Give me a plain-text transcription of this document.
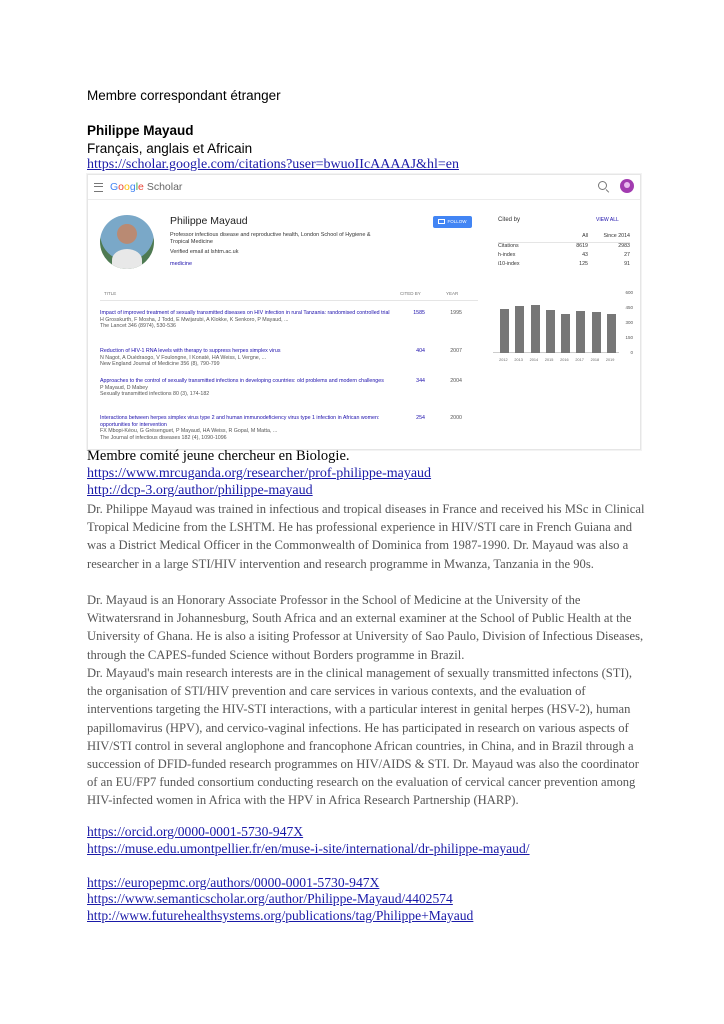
Membre correspondant étranger
Philippe Mayaud
Français, anglais et Africain
https://scholar.google.com/citations?user=bwuoIIcAAAAJ&hl=en
Google Scholar
Philippe Mayaud
Professor infectious disease and reproductive health, London School of Hygiene & Tropical Medicine
Verified email at lshtm.ac.uk
medicine
FOLLOW	Cited by	VIEW ALL
All	Since 2014
Citations	8619	2983
h-index	43	27
i10-index	125	91
2012 2013 2014 2015 2016 2017 2018 2019
0
150
300
450
600
TITLE	CITED BY	YEAR
Impact of improved treatment of sexually transmitted diseases on HIV infection in rural Tanzania: randomised controlled trial
H Grosskurth, F Mosha, J Todd, E Mwijarubi, A Klokke, K Senkoro, P Mayaud, ...
The Lancet 346 (8974), 530-536
1585	1995
Reduction of HIV-1 RNA levels with therapy to suppress herpes simplex virus
N Nagot, A Ouédraogo, V Foulongne, I Konaté, HA Weiss, L Vergne, ...
New England Journal of Medicine 356 (8), 790-799
404	2007
Approaches to the control of sexually transmitted infections in developing countries: old problems and modern challenges
P Mayaud, D Mabey
Sexually transmitted infections 80 (3), 174-182
344	2004
Interactions between herpes simplex virus type 2 and human immunodeficiency virus type 1 infection in African women: opportunities for intervention
FX Mbopi-Kéou, G Grésenguet, P Mayaud, HA Weiss, R Gopal, M Matta, ...
The Journal of infectious diseases 182 (4), 1090-1096
254	2000
Membre comité jeune chercheur en Biologie.
https://www.mrcuganda.org/researcher/prof-philippe-mayaud
http://dcp-3.org/author/philippe-mayaud
Dr. Philippe Mayaud was trained in infectious and tropical diseases in France and received his MSc in Clinical Tropical Medicine from the LSHTM. He has professional experience in HIV/STI care in French Guiana and was a District Medical Officer in the Commonwealth of Dominica from 1987-1990. Dr. Mayaud was also a researcher in a large STI/HIV intervention and research programme in Mwanza, Tanzania in the 90s.
Dr. Mayaud is an Honorary Associate Professor in the School of Medicine at the University of the Witwatersrand in Johannesburg, South Africa and an external examiner at the School of Public Health at the University of Ghana. He is also a isiting Professor at University of Sao Paulo, Division of Infectious Diseases, through the CAPES-funded Science without Borders programme in Brazil.
Dr. Mayaud's main research interests are in the clinical management of sexually transmitted infectons (STI), the organisation of STI/HIV prevention and care services in various contexts, and the evaluation of interventions targeting the HIV-STI interactions, with a particular interest in genital herpes (HSV-2), human papillomavirus (HPV), and cervico-vaginal infections. He has participated in research on various aspects of HIV/STI control in several anglophone and francophone African countries, in China, and in Brazil through a succession of DFID-funded research programmes on HIV/AIDS & STI. Dr. Mayaud was also the coordinator of an EU/FP7 funded consortium conducting research on the evaluation of cervical cancer prevention among HIV-infected women in Africa with the HPV in Africa Research Partnership (HARP).
https://orcid.org/0000-0001-5730-947X
https://muse.edu.umontpellier.fr/en/muse-i-site/international/dr-philippe-mayaud/
https://europepmc.org/authors/0000-0001-5730-947X
https://www.semanticscholar.org/author/Philippe-Mayaud/4402574
http://www.futurehealthsystems.org/publications/tag/Philippe+Mayaud
